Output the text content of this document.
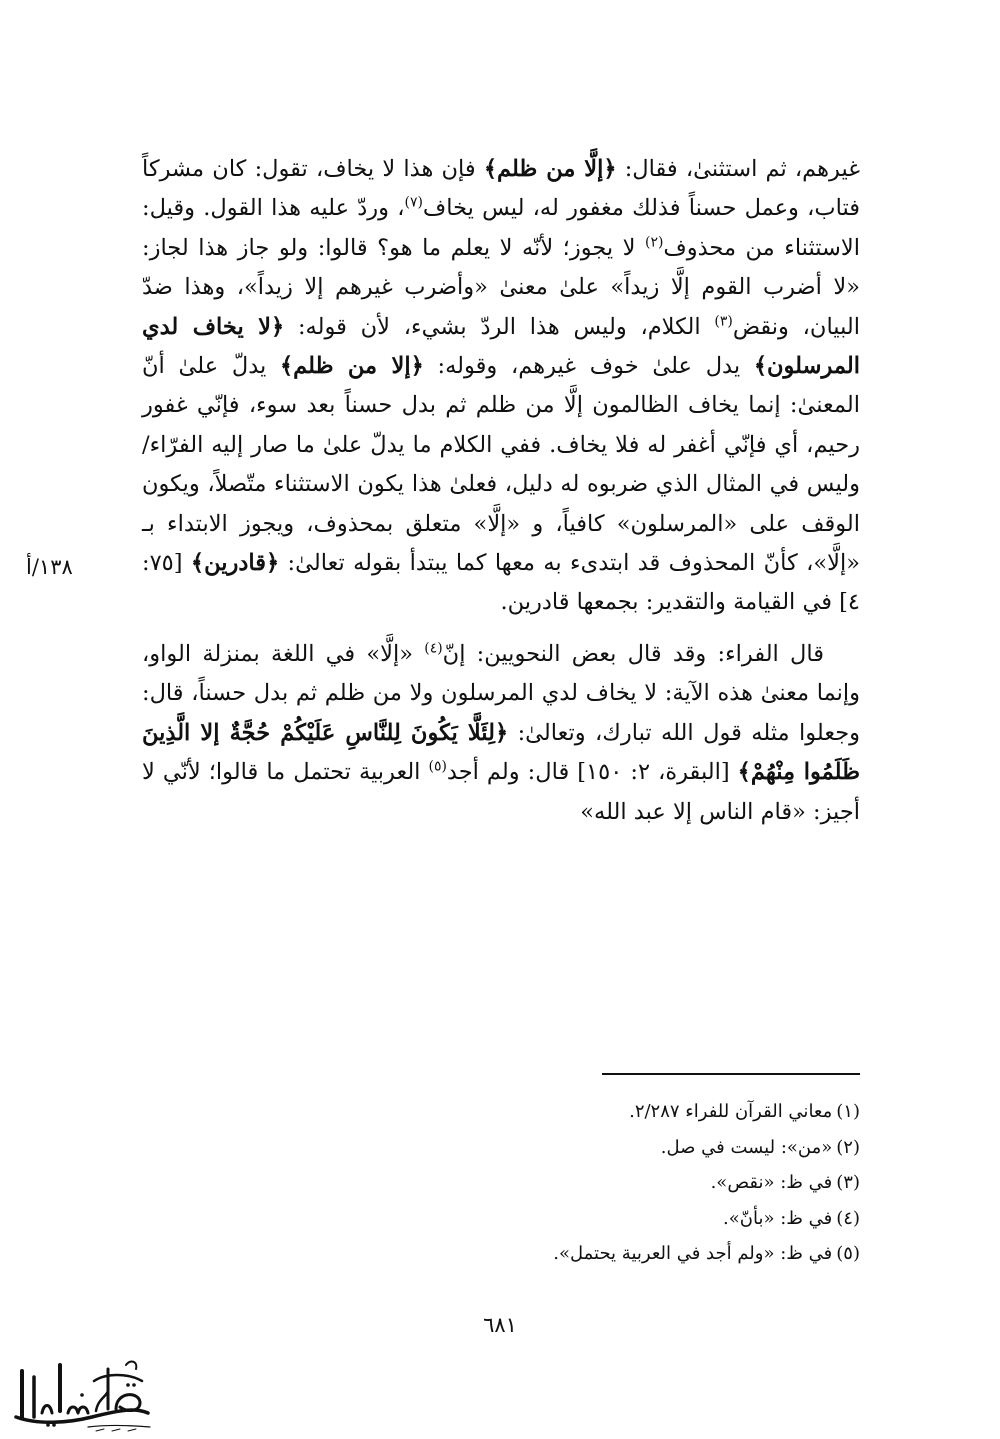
غيرهم، ثم استثنىٰ، فقال: ﴿إلَّا من ظلم﴾ فإن هذا لا يخاف، تقول: كان مشركاً فتاب، وعمل حسناً فذلك مغفور له، ليس يخاف$^{(٧)}$، وردّ عليه هذا القول. وقيل: الاستثناء من محذوف$^{(٢)}$ لا يجوز؛ لأنّه لا يعلم ما هو؟ قالوا: ولو جاز هذا لجاز: «لا أضرب القوم إلَّا زيداً» علىٰ معنىٰ «وأضرب غيرهم إلا زيداً»، وهذا ضدّ البيان، ونقض$^{(٣)}$ الكلام، وليس هذا الردّ بشيء، لأن قوله: ﴿لا يخاف لدي المرسلون﴾ يدل علىٰ خوف غيرهم، وقوله: ﴿إلا من ظلم﴾ يدلّ علىٰ أنّ المعنىٰ: إنما يخاف الظالمون إلَّا من ظلم ثم بدل حسناً بعد سوء، فإنّي غفور رحيم، أي فإنّي أغفر له فلا يخاف. ففي الكلام ما يدلّ علىٰ ما صار إليه الفرّاء/وليس في المثال الذي ضربوه له دليل، فعلىٰ هذا يكون الاستثناء متّصلاً، ويكون الوقف على «المرسلون» كافياً، و «إلَّا» متعلق بمحذوف، ويجوز الابتداء بـ «إلَّا»، كأنّ المحذوف قد ابتدىء به معها كما يبتدأ بقوله تعالىٰ: ﴿قادرين﴾ [٧٥: ٤] في القيامة والتقدير: بجمعها قادرين.

قال الفراء: وقد قال بعض النحويين: إنّ$^{(٤)}$ «إلَّا» في اللغة بمنزلة الواو، وإنما معنىٰ هذه الآية: لا يخاف لدي المرسلون ولا من ظلم ثم بدل حسناً، قال: وجعلوا مثله قول الله تبارك، وتعالىٰ: ﴿لِئَلَّا يَكُونَ لِلنَّاسِ عَلَيْكُمْ حُجَّةٌ إلا الَّذِينَ ظَلَمُوا مِنْهُمْ﴾ [البقرة، ٢: ١٥٠] قال: ولم أجد$^{(٥)}$ العربية تحتمل ما قالوا؛ لأنّي لا أجيز: «قام الناس إلا عبد الله»

١٣٨/أ
(١)معاني القرآن للفراء ٢/٢٨٧.
(٢)«من»: ليست في صل.
(٣)في ظ: «نقص».
(٤)في ظ: «بأنّ».
(٥)في ظ: «ولم أجد في العربية يحتمل».
٦٨١
